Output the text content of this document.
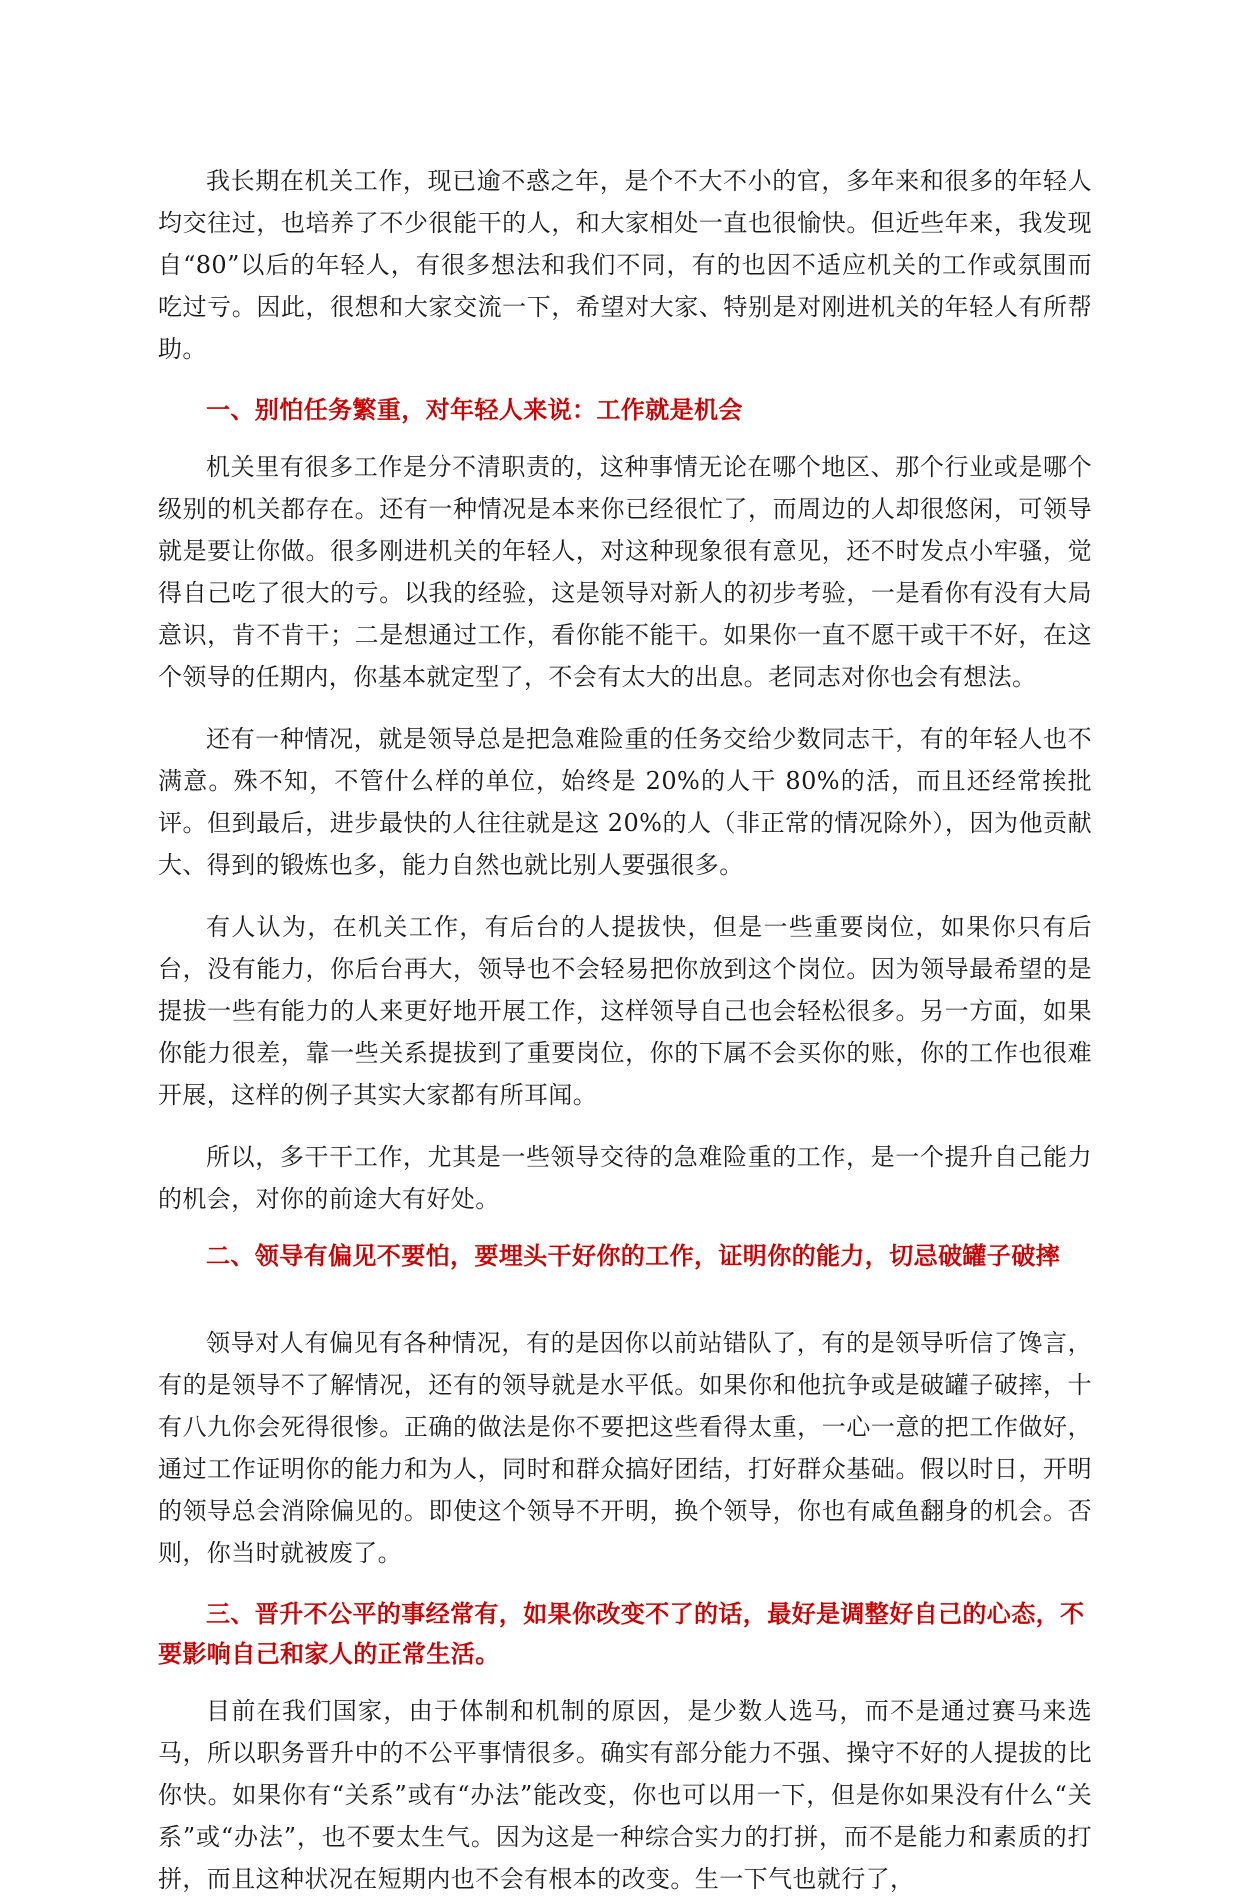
我长期在机关工作，现已逾不惑之年，是个不大不小的官，多年来和很多的年轻人均交往过，也培养了不少很能干的人，和大家相处一直也很愉快。但近些年来，我发现自“80”以后的年轻人，有很多想法和我们不同，有的也因不适应机关的工作或氛围而吃过亏。因此，很想和大家交流一下，希望对大家、特别是对刚进机关的年轻人有所帮助。

一、别怕任务繁重，对年轻人来说：工作就是机会

机关里有很多工作是分不清职责的，这种事情无论在哪个地区、那个行业或是哪个级别的机关都存在。还有一种情况是本来你已经很忙了，而周边的人却很悠闲，可领导就是要让你做。很多刚进机关的年轻人，对这种现象很有意见，还不时发点小牢骚，觉得自己吃了很大的亏。以我的经验，这是领导对新人的初步考验，一是看你有没有大局意识，肯不肯干；二是想通过工作，看你能不能干。如果你一直不愿干或干不好，在这个领导的任期内，你基本就定型了，不会有太大的出息。老同志对你也会有想法。

还有一种情况，就是领导总是把急难险重的任务交给少数同志干，有的年轻人也不满意。殊不知，不管什么样的单位，始终是 20%的人干 80%的活，而且还经常挨批评。但到最后，进步最快的人往往就是这 20%的人（非正常的情况除外），因为他贡献大、得到的锻炼也多，能力自然也就比别人要强很多。

有人认为，在机关工作，有后台的人提拔快，但是一些重要岗位，如果你只有后台，没有能力，你后台再大，领导也不会轻易把你放到这个岗位。因为领导最希望的是提拔一些有能力的人来更好地开展工作，这样领导自己也会轻松很多。另一方面，如果你能力很差，靠一些关系提拔到了重要岗位，你的下属不会买你的账，你的工作也很难开展，这样的例子其实大家都有所耳闻。

所以，多干干工作，尤其是一些领导交待的急难险重的工作，是一个提升自己能力的机会，对你的前途大有好处。

二、领导有偏见不要怕，要埋头干好你的工作，证明你的能力，切忌破罐子破摔

领导对人有偏见有各种情况，有的是因你以前站错队了，有的是领导听信了馋言，有的是领导不了解情况，还有的领导就是水平低。如果你和他抗争或是破罐子破摔，十有八九你会死得很惨。正确的做法是你不要把这些看得太重，一心一意的把工作做好，通过工作证明你的能力和为人，同时和群众搞好团结，打好群众基础。假以时日，开明的领导总会消除偏见的。即使这个领导不开明，换个领导，你也有咸鱼翻身的机会。否则，你当时就被废了。

三、晋升不公平的事经常有，如果你改变不了的话，最好是调整好自己的心态，不要影响自己和家人的正常生活。

目前在我们国家，由于体制和机制的原因，是少数人选马，而不是通过赛马来选马，所以职务晋升中的不公平事情很多。确实有部分能力不强、操守不好的人提拔的比你快。如果你有“关系”或有“办法”能改变，你也可以用一下，但是你如果没有什么“关系”或“办法”，也不要太生气。因为这是一种综合实力的打拼，而不是能力和素质的打拼，而且这种状况在短期内也不会有根本的改变。生一下气也就行了，
